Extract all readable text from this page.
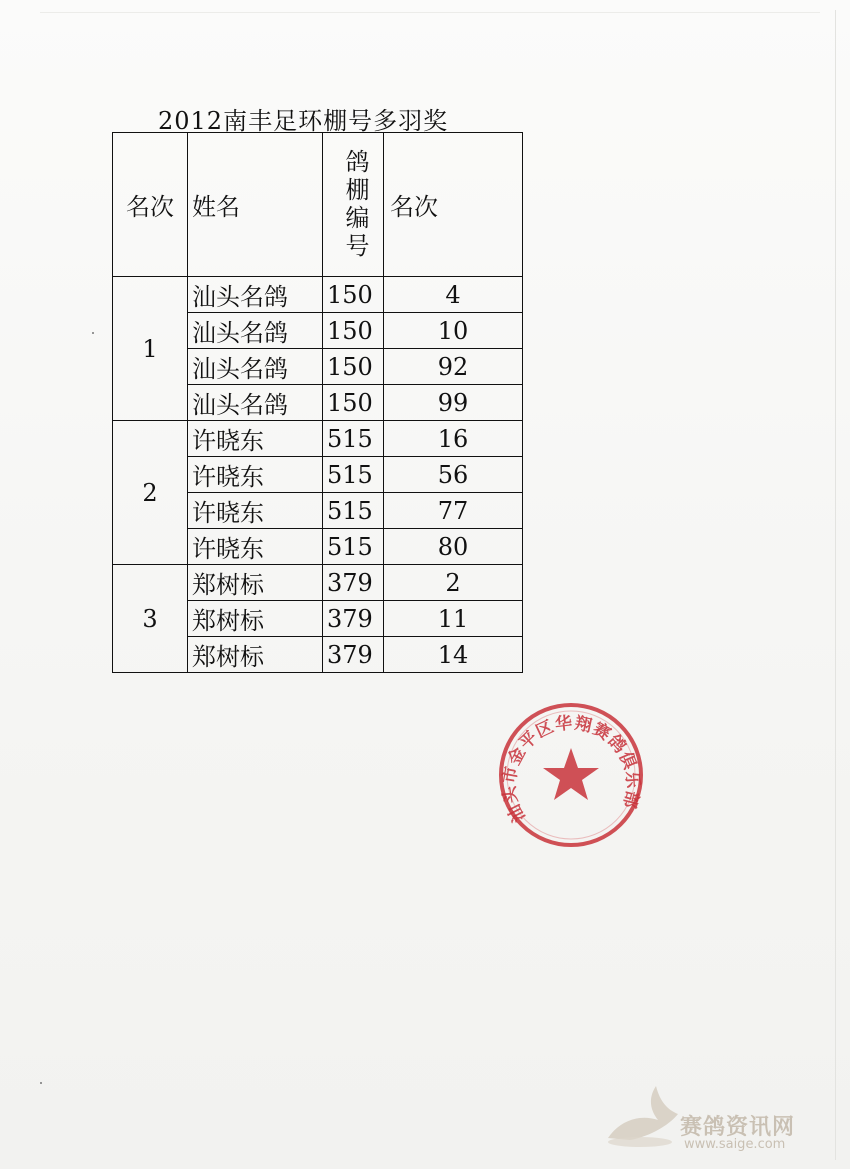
2012南丰足环棚号多羽奖
名次	姓名	鸽棚编号	名次
1	汕头名鸽	150	4
	汕头名鸽	150	10
	汕头名鸽	150	92
	汕头名鸽	150	99
2	许晓东	515	16
	许晓东	515	56
	许晓东	515	77
	许晓东	515	80
3	郑树标	379	2
	郑树标	379	11
	郑树标	379	14
汕头市金平区华翔赛鸽俱乐部
赛鸽资讯网
www.saige.com
